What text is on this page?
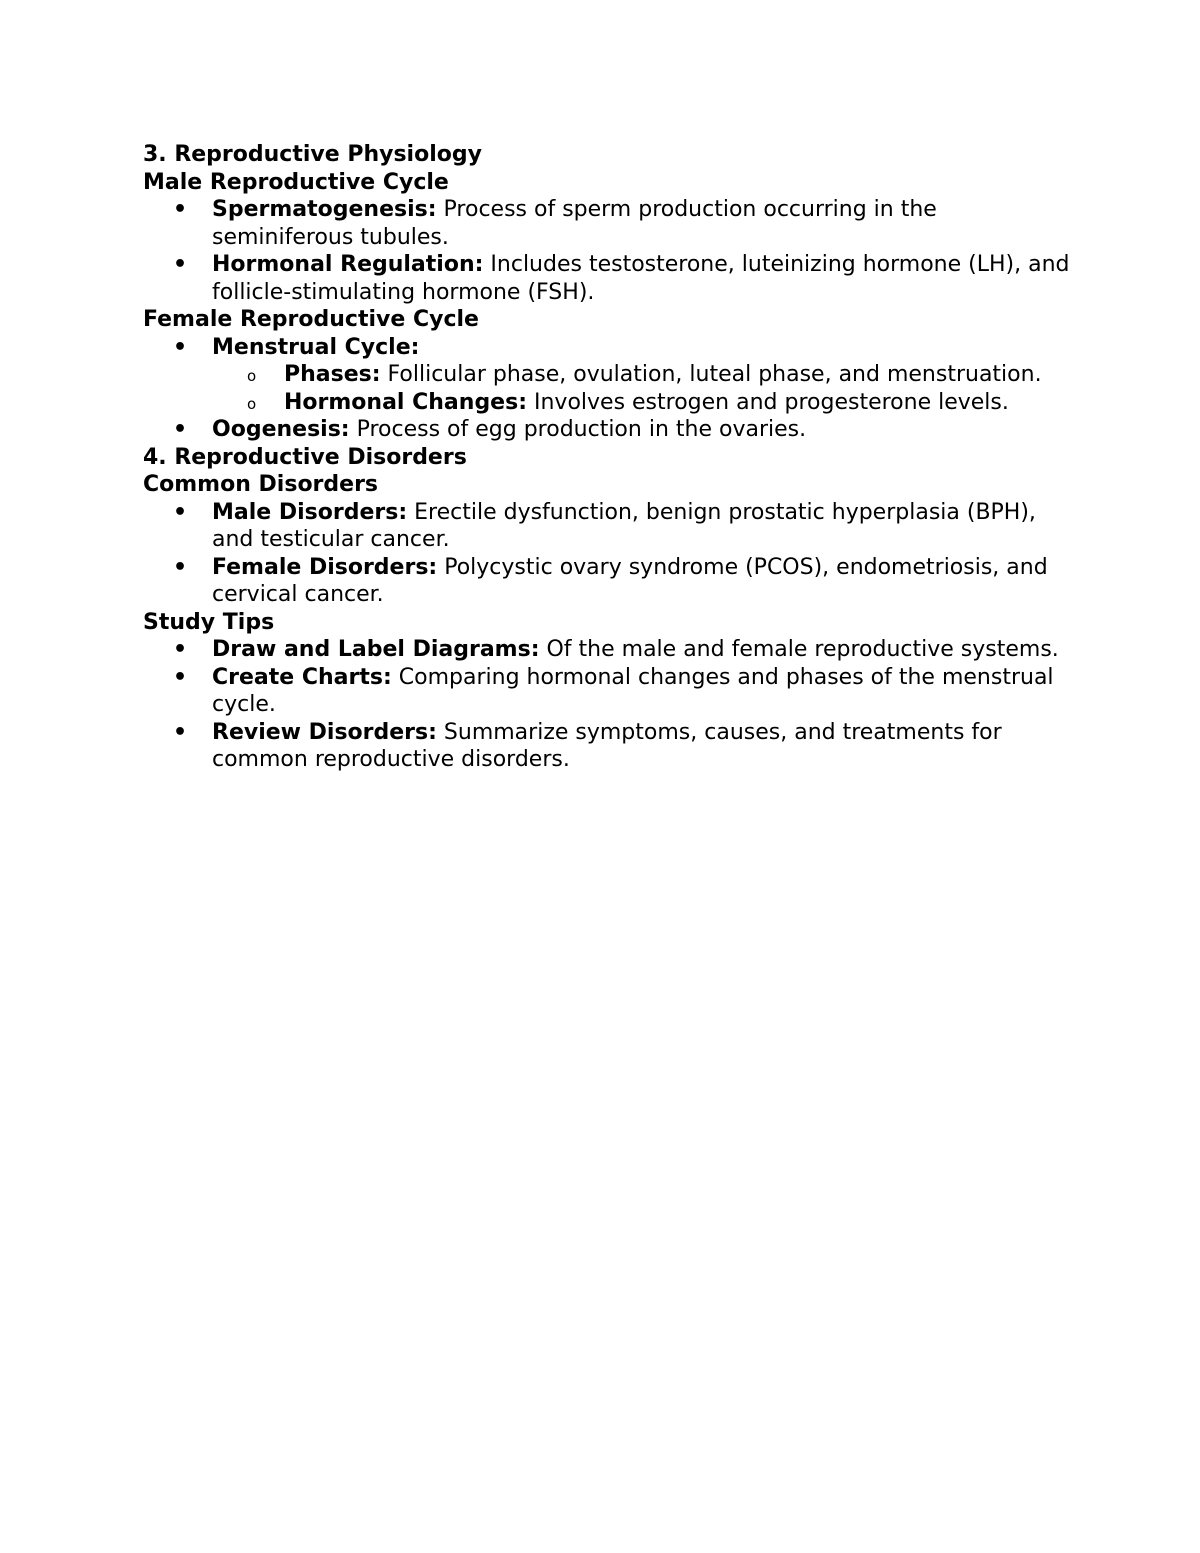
3. Reproductive Physiology

Male Reproductive Cycle

• Spermatogenesis: Process of sperm production occurring in the seminiferous tubules.
• Hormonal Regulation: Includes testosterone, luteinizing hormone (LH), and follicle-stimulating hormone (FSH).

Female Reproductive Cycle

• Menstrual Cycle:
o Phases: Follicular phase, ovulation, luteal phase, and menstruation.
o Hormonal Changes: Involves estrogen and progesterone levels.
• Oogenesis: Process of egg production in the ovaries.

4. Reproductive Disorders

Common Disorders

• Male Disorders: Erectile dysfunction, benign prostatic hyperplasia (BPH), and testicular cancer.
• Female Disorders: Polycystic ovary syndrome (PCOS), endometriosis, and cervical cancer.

Study Tips

• Draw and Label Diagrams: Of the male and female reproductive systems.
• Create Charts: Comparing hormonal changes and phases of the menstrual cycle.
• Review Disorders: Summarize symptoms, causes, and treatments for common reproductive disorders.
